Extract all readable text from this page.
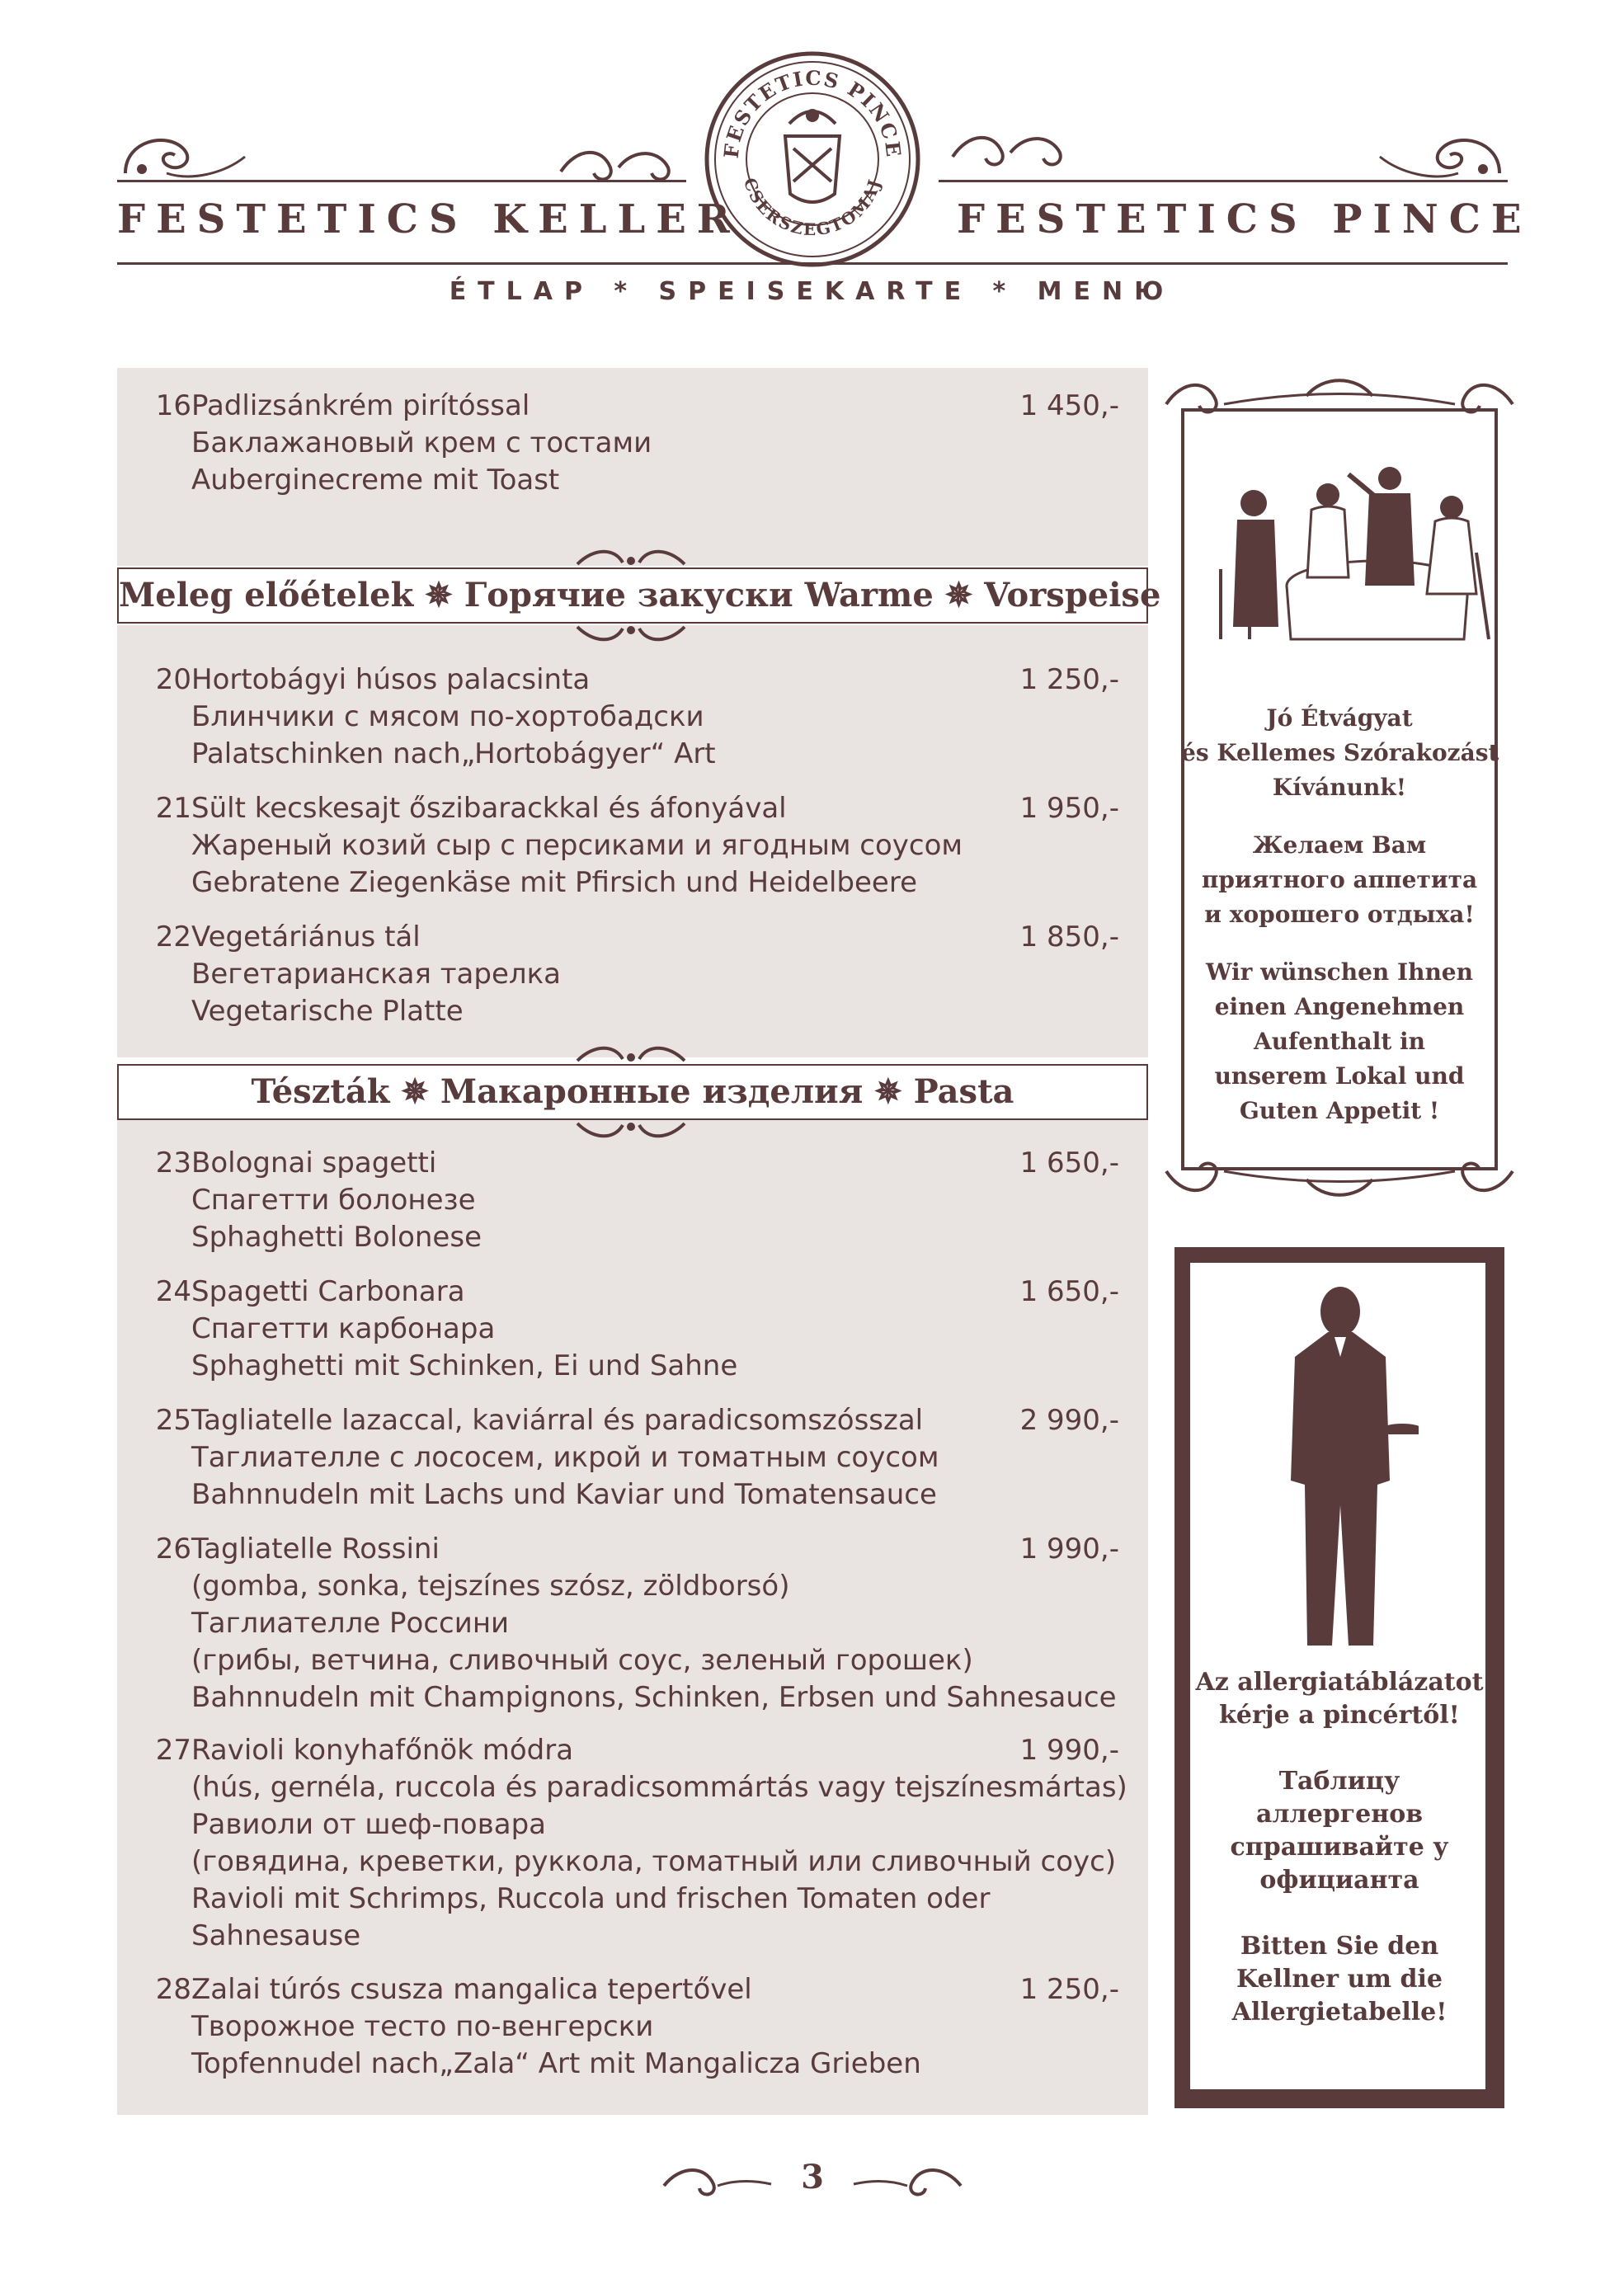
FESTETICS PINCE
CSERSZEGTOMAJ
FESTETICS KELLER	FESTETICS PINCE
ÉTLAP * SPEISEKARTE * MENЮ
16 Padlizsánkrém pirítóssal
Баклажановый крем с тостами
Auberginecreme mit Toast
1 450,-
Meleg előételek ✵ Горячие закуски Warme ✵ Vorspeise
20 Hortobágyi húsos palacsinta
Блинчики с мясом по-хортобадски
Palatschinken nach„Hortobágyer“ Art
1 250,-
21 Sült kecskesajt őszibarackkal és áfonyával
Жареный козий сыр с персиками и ягодным соусом
Gebratene Ziegenkäse mit Pfirsich und Heidelbeere
1 950,-
22 Vegetáriánus tál
Вегетарианская тарелка
Vegetarische Platte
1 850,-
Tészták ✵ Макаронные изделия ✵ Pasta
23 Bolognai spagetti
Спагетти болонезе
Sphaghetti Bolonese
1 650,-
24 Spagetti Carbonara
Спагетти карбонара
Sphaghetti mit Schinken, Ei und Sahne
1 650,-
25 Tagliatelle lazaccal, kaviárral és paradicsomszósszal
Таглиателле с лососем, икрой и томатным соусом
Bahnnudeln mit Lachs und Kaviar und Tomatensauce
2 990,-
26 Tagliatelle Rossini
(gomba, sonka, tejszínes szósz, zöldborsó)
Таглиателле Россини
(грибы, ветчина, сливочный соус, зеленый горошек)
Bahnnudeln mit Champignons, Schinken, Erbsen und Sahnesauce
1 990,-
27 Ravioli konyhafőnök módra
(hús, gernéla, ruccola és paradicsommártás vagy tejszínesmártas)
Равиоли от шеф-повара
(говядина, креветки, руккола, томатный или сливочный соус)
Ravioli mit Schrimps, Ruccola und frischen Tomaten oder
Sahnesause
1 990,-
28 Zalai túrós csusza mangalica tepertővel
Творожное тесто по-венгерски
Topfennudel nach„Zala“ Art mit Mangalicza Grieben
1 250,-
Jó Étvágyat
és Kellemes Szórakozást
Kívánunk!
Желаем Вам
приятного аппетита
и хорошего отдыха!
Wir wünschen Ihnen
einen Angenehmen
Aufenthalt in
unserem Lokal und
Guten Appetit !
Az allergiatáblázatot
kérje a pincértől!
Таблицу
аллергенов
спрашивайте у
официанта
Bitten Sie den
Kellner um die
Allergietabelle!
3
